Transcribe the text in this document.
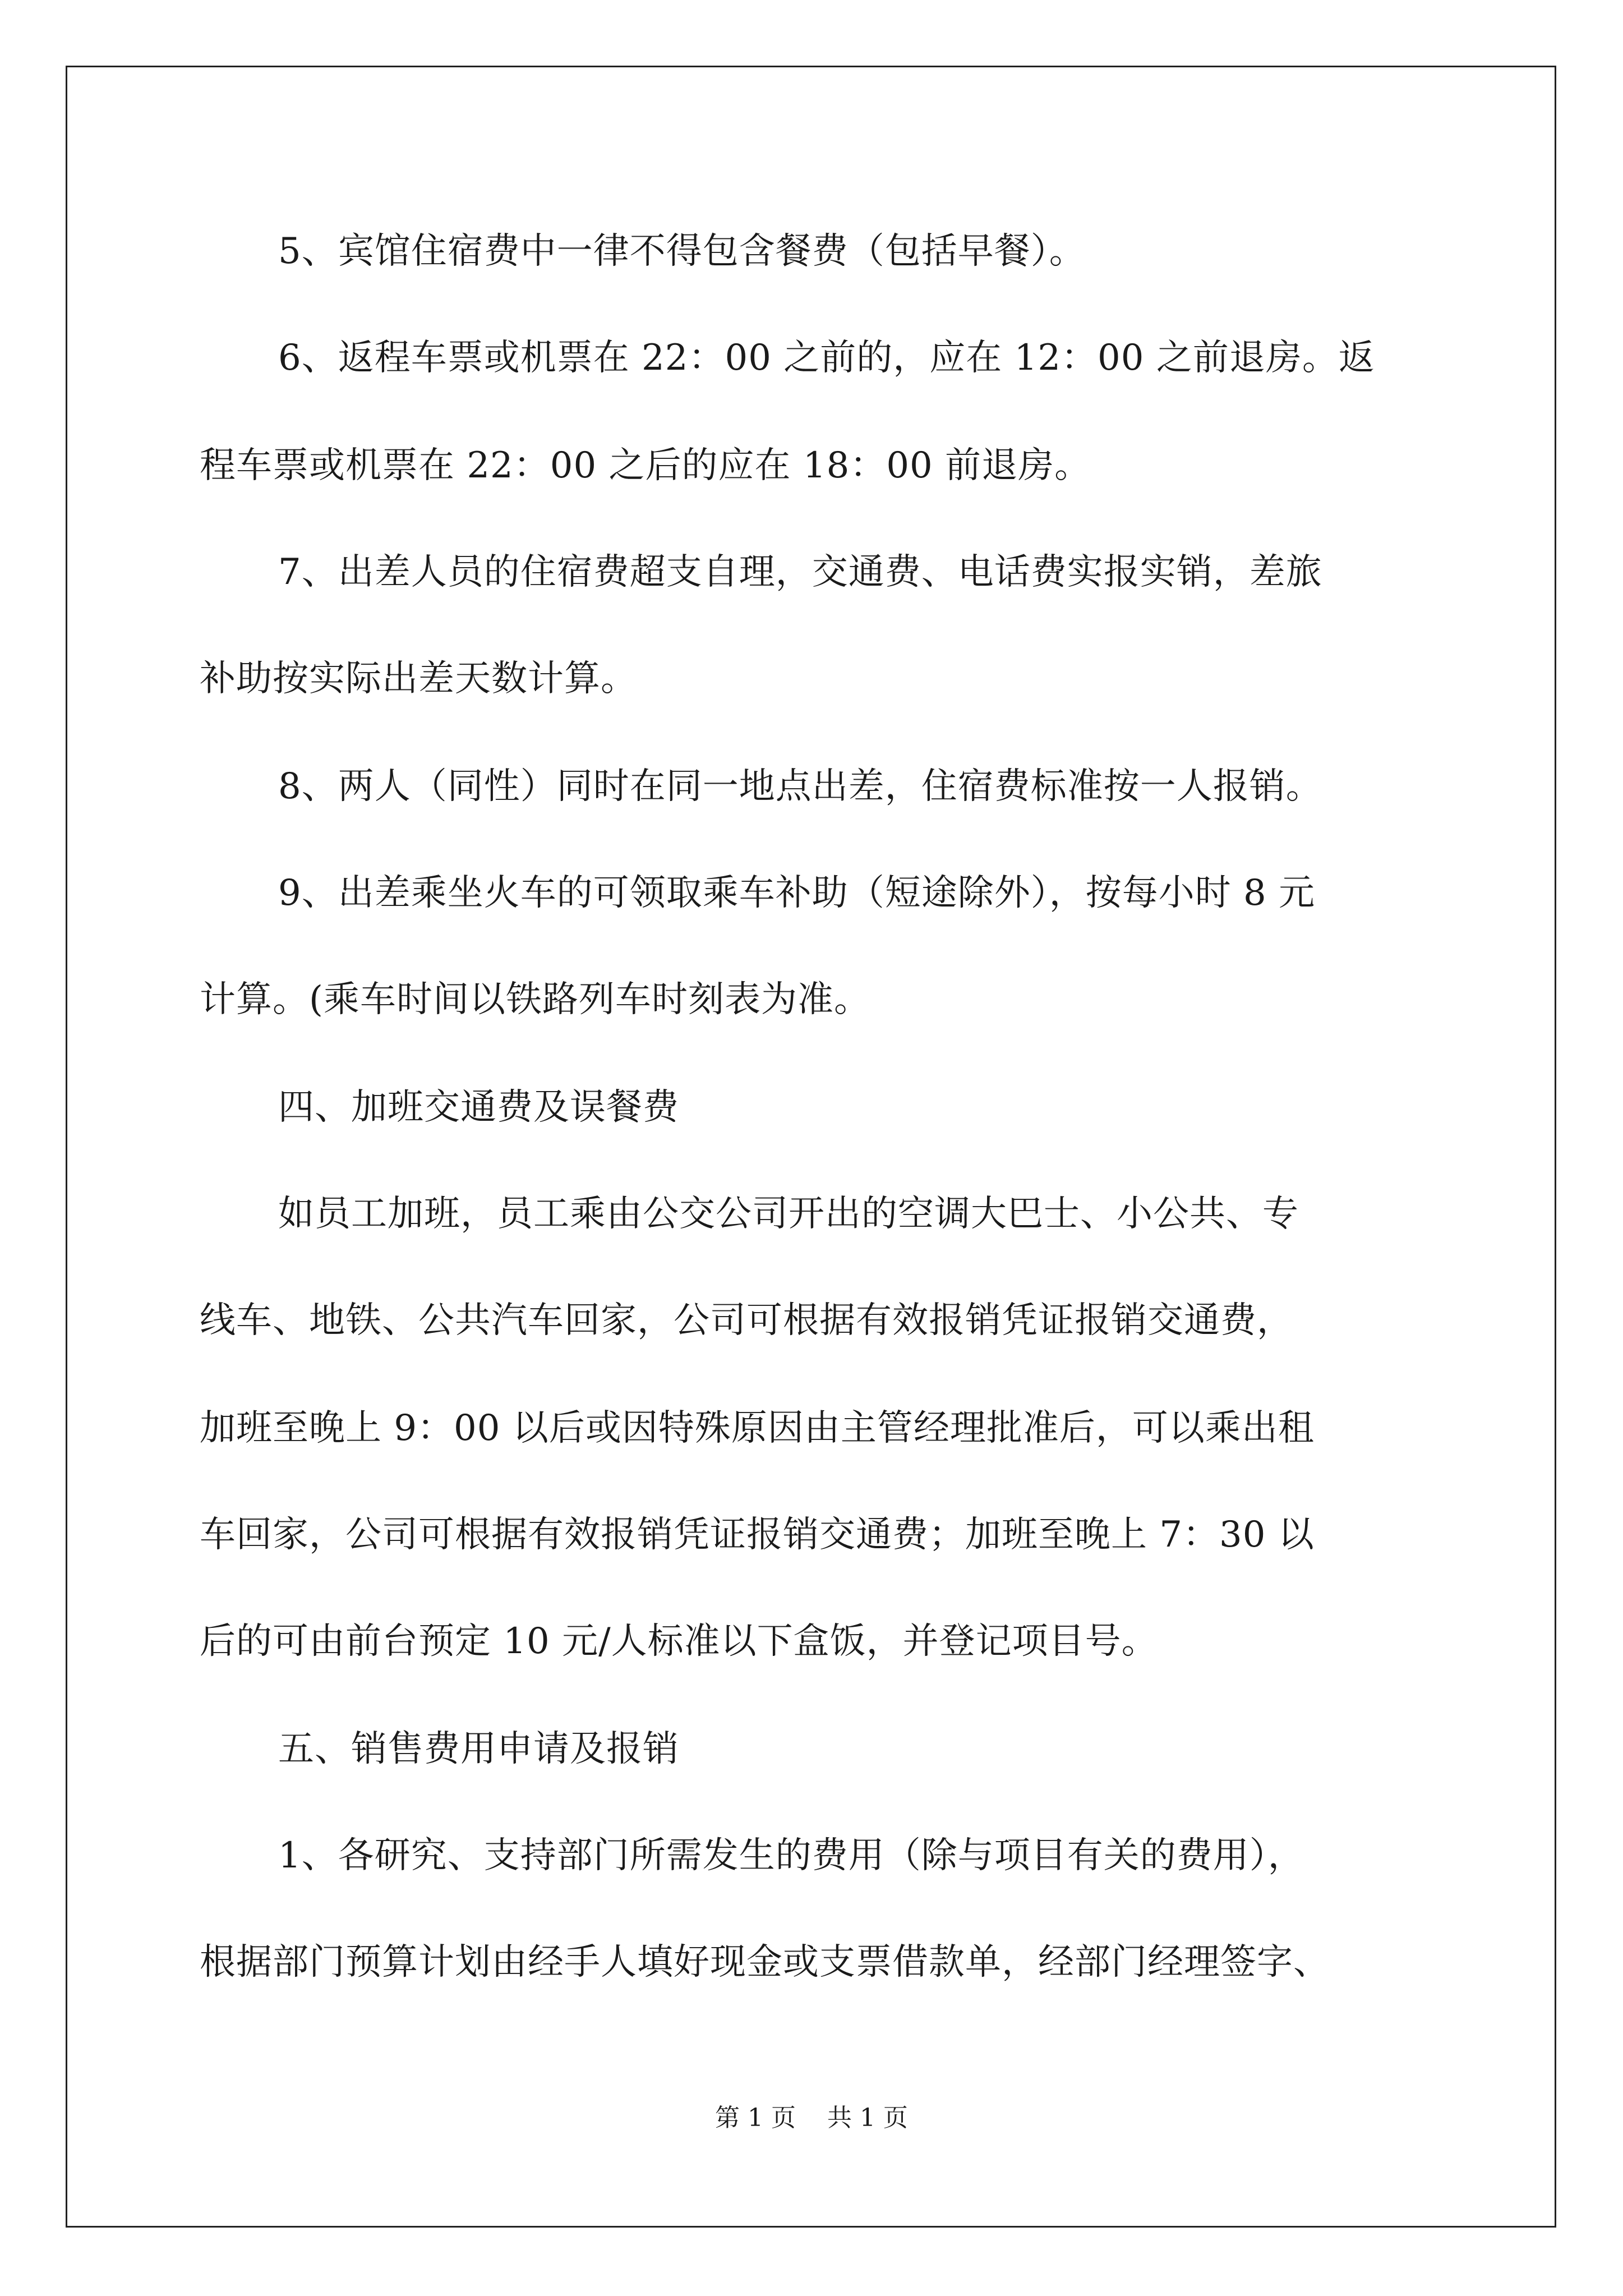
5、宾馆住宿费中一律不得包含餐费（包括早餐）。
6、返程车票或机票在 22：00 之前的，应在 12：00 之前退房。返
程车票或机票在 22：00 之后的应在 18：00 前退房。
7、出差人员的住宿费超支自理，交通费、电话费实报实销，差旅
补助按实际出差天数计算。
8、两人（同性）同时在同一地点出差，住宿费标准按一人报销。
9、出差乘坐火车的可领取乘车补助（短途除外），按每小时 8 元
计算。(乘车时间以铁路列车时刻表为准。
四、加班交通费及误餐费
如员工加班，员工乘由公交公司开出的空调大巴士、小公共、专
线车、地铁、公共汽车回家，公司可根据有效报销凭证报销交通费，
加班至晚上 9：00 以后或因特殊原因由主管经理批准后，可以乘出租
车回家，公司可根据有效报销凭证报销交通费；加班至晚上 7：30 以
后的可由前台预定 10 元/人标准以下盒饭，并登记项目号。
五、销售费用申请及报销
1、各研究、支持部门所需发生的费用（除与项目有关的费用），
根据部门预算计划由经手人填好现金或支票借款单，经部门经理签字、
第 1 页    共 1 页
